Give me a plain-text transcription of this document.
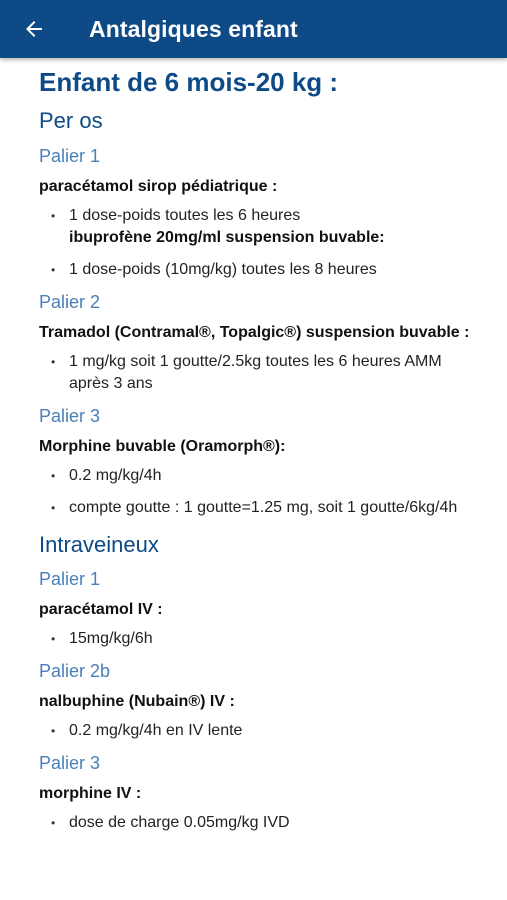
Antalgiques enfant
Enfant de 6 mois-20 kg :
Per os
Palier 1
paracétamol sirop pédiatrique :
• 1 dose-poids toutes les 6 heures
ibuprofène 20mg/ml suspension buvable:
• 1 dose-poids (10mg/kg) toutes les 8 heures
Palier 2
Tramadol (Contramal®, Topalgic®) suspension buvable :
• 1 mg/kg soit 1 goutte/2.5kg toutes les 6 heures AMM après 3 ans
Palier 3
Morphine buvable (Oramorph®):
• 0.2 mg/kg/4h
• compte goutte : 1 goutte=1.25 mg, soit 1 goutte/6kg/4h
Intraveineux
Palier 1
paracétamol IV :
• 15mg/kg/6h
Palier 2b
nalbuphine (Nubain®) IV :
• 0.2 mg/kg/4h en IV lente
Palier 3
morphine IV :
• dose de charge 0.05mg/kg IVD
